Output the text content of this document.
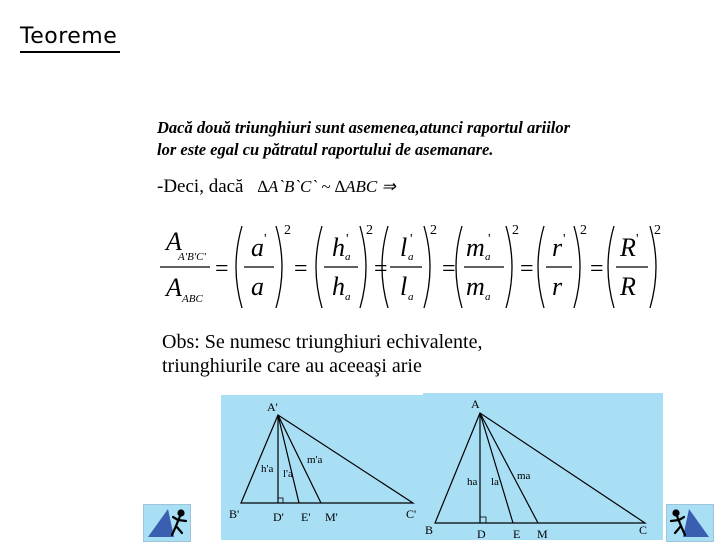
Teoreme
Dacă două triunghiuri sunt asemenea,atunci raportul ariilor
lor este egal cu pătratul raportului de asemanare.
-Deci, dacă ∆A`B`C` ~ ∆ABC ⇒
A
A'B'C'
A ABC
=
a '
a
2
=
h a
'
h a
2
=
l a
'
l a
2
=
m a
'
m a
2
=
r '
r
2
=
R '
R
2
Obs: Se numesc triunghiuri echivalente,
triunghiurile care au aceeaşi arie
A'
B'	C'
D' E' M'
h'a l'a
m'a
A
B	C
D E M
ha la ma
